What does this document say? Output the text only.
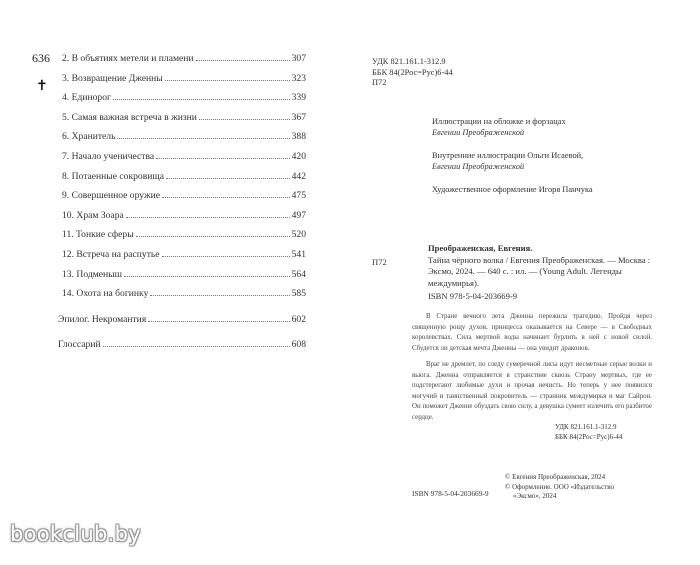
636
✝
2. В объятиях метели и пламени	307
3. Возвращение Дженны	323
4. Единорог	339
5. Самая важная встреча в жизни	367
6. Хранитель	388
7. Начало ученичества	420
8. Потаенные сокровища	442
9. Совершенное оружие	475
10. Храм Зоара	497
11. Тонкие сферы	520
12. Встреча на распутье	541
13. Подменыш	564
14. Охота на богинку	585
Эпилог. Некромантия	602
Глоссарий	608
УДК 821.161.1-312.9
ББК 84(2Рос=Рус)6-44
П72

Иллюстрации на обложке и форзацах
Евгении Преображенской

Внутренние иллюстрации Ольги Исаевой,
Евгении Преображенской

Художественное оформление Игоря Панчука

П72
Преображенская, Евгения.
Тайна чёрного волка / Евгения Преображенская. — Москва : Эксмо, 2024. — 640 с. : ил. — (Young Adult. Легенды междумирья).
ISBN 978-5-04-203669-9

В Стране вечного лета Дженна пережила трагедию. Пройдя через священную рощу духов, принцесса оказывается на Севере — в Свободных королевствах. Сила мертвой воды начинает бурлить в ней с новой силой. Сбудется ли детская мечта Дженны — она увидит драконов.

Враг не дремлет, по следу сумеречной лисы идут несметные серые волки и вьюга. Дженна отправляется в странствие сквозь Страну мертвых, где ее подстерегают любимые духи и прочая нечисть. Но теперь у нее появился могучий и таинственный покровитель — странник междумирья и маг Сайрон. Он поможет Дженне обуздать свою силу, а девушка сумеет излечить его разбитое сердце.

УДК 821.161.1-312.9
ББК 84(2Рос=Рус)6-44
© Евгения Преображенская, 2024
© Оформление. ООО «Издательство
«Эксмо», 2024
ISBN 978-5-04-203669-9
bookclub.by
